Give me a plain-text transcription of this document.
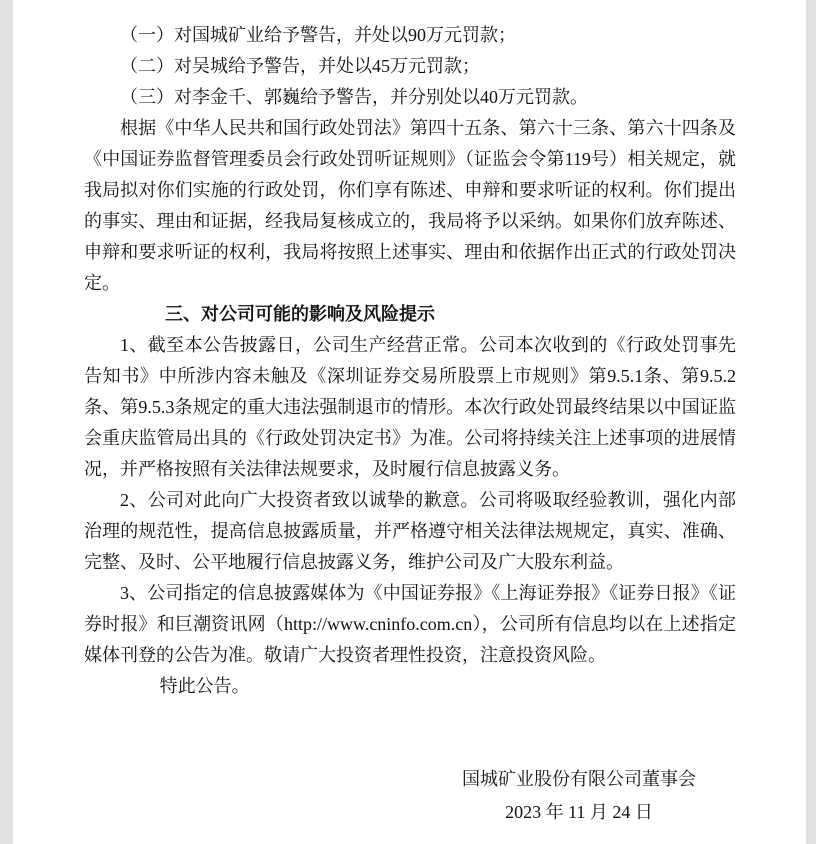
（一）对国城矿业给予警告，并处以90万元罚款；

（二）对吴城给予警告，并处以45万元罚款；

（三）对李金千、郭巍给予警告，并分别处以40万元罚款。

根据《中华人民共和国行政处罚法》第四十五条、第六十三条、第六十四条及《中国证券监督管理委员会行政处罚听证规则》（证监会令第119号）相关规定，就我局拟对你们实施的行政处罚，你们享有陈述、申辩和要求听证的权利。你们提出的事实、理由和证据，经我局复核成立的，我局将予以采纳。如果你们放弃陈述、申辩和要求听证的权利，我局将按照上述事实、理由和依据作出正式的行政处罚决定。

三、对公司可能的影响及风险提示

1、截至本公告披露日，公司生产经营正常。公司本次收到的《行政处罚事先告知书》中所涉内容未触及《深圳证券交易所股票上市规则》第9.5.1条、第9.5.2条、第9.5.3条规定的重大违法强制退市的情形。本次行政处罚最终结果以中国证监会重庆监管局出具的《行政处罚决定书》为准。公司将持续关注上述事项的进展情况，并严格按照有关法律法规要求，及时履行信息披露义务。

2、公司对此向广大投资者致以诚挚的歉意。公司将吸取经验教训，强化内部治理的规范性，提高信息披露质量，并严格遵守相关法律法规规定，真实、准确、完整、及时、公平地履行信息披露义务，维护公司及广大股东利益。

3、公司指定的信息披露媒体为《中国证券报》《上海证券报》《证券日报》《证券时报》和巨潮资讯网（http://www.cninfo.com.cn），公司所有信息均以在上述指定媒体刊登的公告为准。敬请广大投资者理性投资，注意投资风险。

特此公告。

国城矿业股份有限公司董事会
2023 年 11 月 24 日
